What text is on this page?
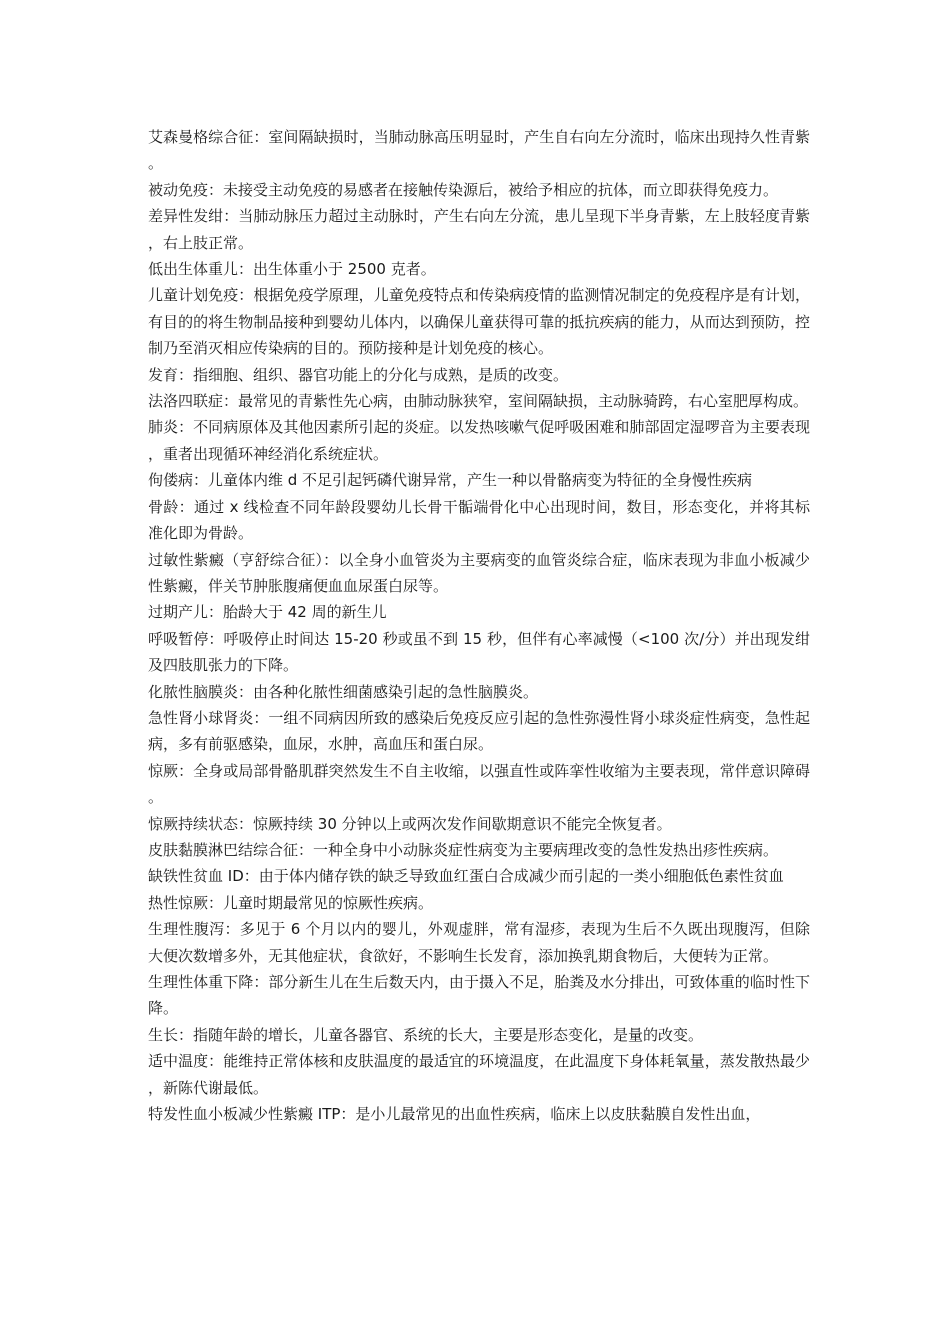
艾森曼格综合征：室间隔缺损时，当肺动脉高压明显时，产生自右向左分流时，临床出现持久性青紫。

被动免疫：未接受主动免疫的易感者在接触传染源后，被给予相应的抗体，而立即获得免疫力。

差异性发绀：当肺动脉压力超过主动脉时，产生右向左分流，患儿呈现下半身青紫，左上肢轻度青紫，右上肢正常。

低出生体重儿：出生体重小于 2500 克者。

儿童计划免疫：根据免疫学原理，儿童免疫特点和传染病疫情的监测情况制定的免疫程序是有计划，有目的的将生物制品接种到婴幼儿体内，以确保儿童获得可靠的抵抗疾病的能力，从而达到预防，控制乃至消灭相应传染病的目的。预防接种是计划免疫的核心。

发育：指细胞、组织、器官功能上的分化与成熟，是质的改变。

法洛四联症：最常见的青紫性先心病，由肺动脉狭窄，室间隔缺损，主动脉骑跨，右心室肥厚构成。

肺炎：不同病原体及其他因素所引起的炎症。以发热咳嗽气促呼吸困难和肺部固定湿啰音为主要表现，重者出现循环神经消化系统症状。

佝偻病：儿童体内维 d 不足引起钙磷代谢异常，产生一种以骨骼病变为特征的全身慢性疾病

骨龄：通过 x 线检查不同年龄段婴幼儿长骨干骺端骨化中心出现时间，数目，形态变化，并将其标准化即为骨龄。

过敏性紫癜（亨舒综合征）：以全身小血管炎为主要病变的血管炎综合症，临床表现为非血小板减少性紫癜，伴关节肿胀腹痛便血血尿蛋白尿等。

过期产儿：胎龄大于 42 周的新生儿

呼吸暂停：呼吸停止时间达 15-20 秒或虽不到 15 秒，但伴有心率减慢（<100 次/分）并出现发绀及四肢肌张力的下降。

化脓性脑膜炎：由各种化脓性细菌感染引起的急性脑膜炎。

急性肾小球肾炎：一组不同病因所致的感染后免疫反应引起的急性弥漫性肾小球炎症性病变，急性起病，多有前驱感染，血尿，水肿，高血压和蛋白尿。

惊厥：全身或局部骨骼肌群突然发生不自主收缩，以强直性或阵挛性收缩为主要表现，常伴意识障碍。

惊厥持续状态：惊厥持续 30 分钟以上或两次发作间歇期意识不能完全恢复者。

皮肤黏膜淋巴结综合征：一种全身中小动脉炎症性病变为主要病理改变的急性发热出疹性疾病。

缺铁性贫血 ID：由于体内储存铁的缺乏导致血红蛋白合成减少而引起的一类小细胞低色素性贫血

热性惊厥：儿童时期最常见的惊厥性疾病。

生理性腹泻：多见于 6 个月以内的婴儿，外观虚胖，常有湿疹，表现为生后不久既出现腹泻，但除大便次数增多外，无其他症状，食欲好，不影响生长发育，添加换乳期食物后，大便转为正常。

生理性体重下降：部分新生儿在生后数天内，由于摄入不足，胎粪及水分排出，可致体重的临时性下降。

生长：指随年龄的增长，儿童各器官、系统的长大，主要是形态变化，是量的改变。

适中温度：能维持正常体核和皮肤温度的最适宜的环境温度，在此温度下身体耗氧量，蒸发散热最少，新陈代谢最低。

特发性血小板减少性紫癜 ITP：是小儿最常见的出血性疾病，临床上以皮肤黏膜自发性出血，
